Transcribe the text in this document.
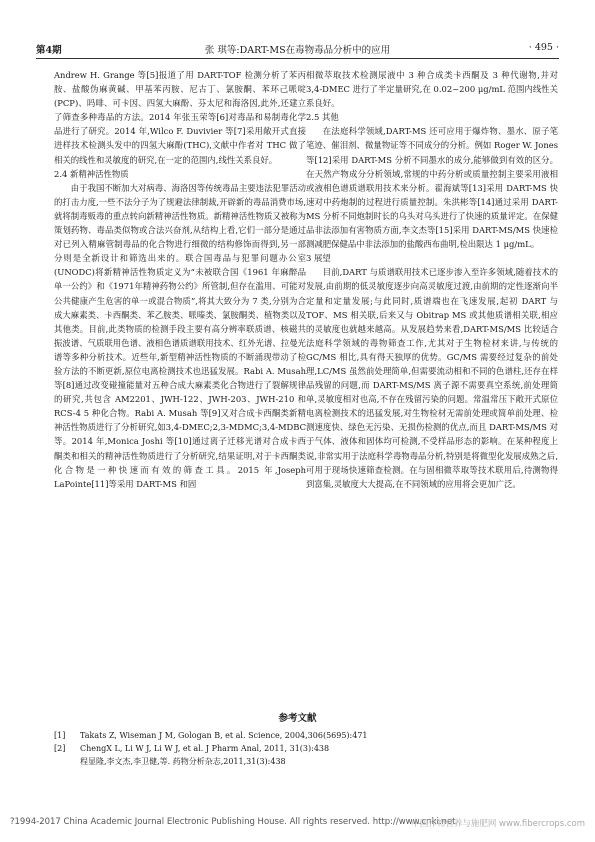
第4期	张 琪等:DART-MS在毒物毒品分析中的应用	· 495 ·

Andrew H. Grange 等[5]报道了用 DART-TOF 检测分析了苯丙胺、盐酸伪麻黄碱、甲基苯丙胺、尼古丁、氯胺酮、苯环己哌啶(PCP)、吗啡、可卡因、四氢大麻酚、芬太尼和海洛因,此外,还建立了筛查多种毒品的方法。2014 年张玉荣等[6]对毒品和易制毒化学品进行了研究。2014 年,Wilco F. Duvivier 等[7]采用敞开式直接进样技术检测头发中的四氢大麻酚(THC),文献中作者对 THC 做了相关的线性和灵敏度的研究,在一定的范围内,线性关系良好。

2.4 新精神活性物质

由于我国不断加大对病毒、海洛因等传统毒品主要违法犯罪活动的打击力度,一些不法分子为了规避法律制裁,开辟新的毒品消费市场,就将制毒贩毒的重点转向新精神活性物质。新精神活性物质又被称为策划药物、毒品类似物或合法兴奋剂,从结构上看,它们一部分是通过对已列入精麻管制毒品的化合物进行细微的结构修饰而得到,另一部分则是全新设计和筛选出来的。联合国毒品与犯罪问题办公室(UNODC)将新精神活性物质定义为“未被联合国《1961 年麻醉品单一公约》和《1971年精神药物公约》所管制,但存在滥用、可能对公共健康产生危害的单一或混合物质”,将其大致分为 7 类,分别为合成大麻素类、卡西酮类、苯乙胺类、哌嗪类、氯胺酮类、植物类以及其他类。目前,此类物质的检测手段主要有高分辨率联质谱、核磁共振波谱、气质联用色谱、液相色谱质谱联用技术、红外光谱、拉曼光谱等多种分析技术。近些年,新型精神活性物质的不断涌现带动了检验方法的不断更新,原位电离检测技术也迅猛发展。Rabi A. Musah 等[8]通过改变碰撞能量对五种合成大麻素类化合物进行了裂解规律的研究,共包含 AM2201、JWH-122、JWH-203、JWH-210 和 RCS-4 5 种化合物。Rabi A. Musah 等[9]又对合成卡西酮类新精神活性物质进行了分析研究,如3,4-DMEC;2,3-MDMC;3,4-MDBC 等。2014 年,Monica Joshi 等[10]通过离子迁移光谱对合成卡西酮类和相关的精神活性物质进行了分析研究,结果证明,对于卡西酮类化合物是一种快速而有效的筛查工具。2015 年,Joseph LaPointe[11]等采用 DART-MS 和固

相微萃取技术检测尿液中 3 种合成类卡西酮及 3 种代谢物,并对 3,4-DMEC 进行了半定量研究,在 0.02~200 μg/mL 范围内线性关系良好。

2.5 其他

在法庭科学领域,DART-MS 还可应用于爆炸物、墨水、原子笔笔迹、催泪剂、微量物证等不同成分的分析。例如 Roger W. Jones 等[12]采用 DART-MS 分析不同墨水的成分,能够做到有效的区分。在天然产物成分分析领域,常规的中药分析或质量控制主要采用液相或液相色谱质谱联用技术来分析。翟海斌等[13]采用 DART-MS 快速对中药炮制的过程进行质量控制。朱洪彬等[14]通过采用 DART-MS 分析不同炮制时长的乌头对乌头进行了快速的质量评定。在保健品非法添加有害物质方面,李文杰等[15]采用 DART-MS/MS 快速检测减肥保健品中非法添加的盐酸西布曲明,检出限达 1 μg/mL。

3 展望

目前,DART 与质谱联用技术已逐步渗入至许多领域,随着技术的发展,由前期的低灵敏度逐步向高灵敏度过渡,由前期的定性逐渐向半定量和定量发展;与此同时,质谱端也在飞速发展,起初 DART 与 TOF、MS 相关联,后来又与 Obitrap MS 或其他质谱相关联,相应的灵敏度也就越来越高。从发展趋势来看,DART-MS/MS 比较适合法庭科学领域的毒物筛查工作,尤其对于生物检材来讲,与传统的 GC/MS 相比,具有得天独厚的优势。GC/MS 需要经过复杂的前处理,LC/MS 虽然前处理简单,但需要流动相和不同的色谱柱,还存在样品残留的问题,而 DART-MS/MS 离子源不需要真空系统,前处理简单,灵敏度相对也高,不存在残留污染的问题。常温常压下敞开式原位电离检测技术的迅猛发展,对生物检材无需前处理或简单前处理、检测速度快、绿色无污染、无损伤检测的优点,而且 DART-MS/MS 对于气体、液体和固体均可检测,不受样品形态的影响。在某种程度上说,非常实用于法庭科学毒物毒品分析,特别是将微型化发展成熟之后,可用于现场快速筛查检测。在与固相微萃取等技术联用后,待测物得到富集,灵敏度大大提高,在不同领域的应用将会更加广泛。

参考文献
[1] Takats Z, Wiseman J M, Gologan B, et al. Science, 2004,306(5695):471
[2] ChengX L, Li W J, Li W J, et al. J Pharm Anal, 2011, 31(3):438
程显隆,李文杰,李卫健,等. 药物分析杂志,2011,31(3):438
?1994-2017 China Academic Journal Electronic Publishing House. All rights reserved. http://www.cnki.net
中国作物营养与施肥网 www.fibercrops.com
